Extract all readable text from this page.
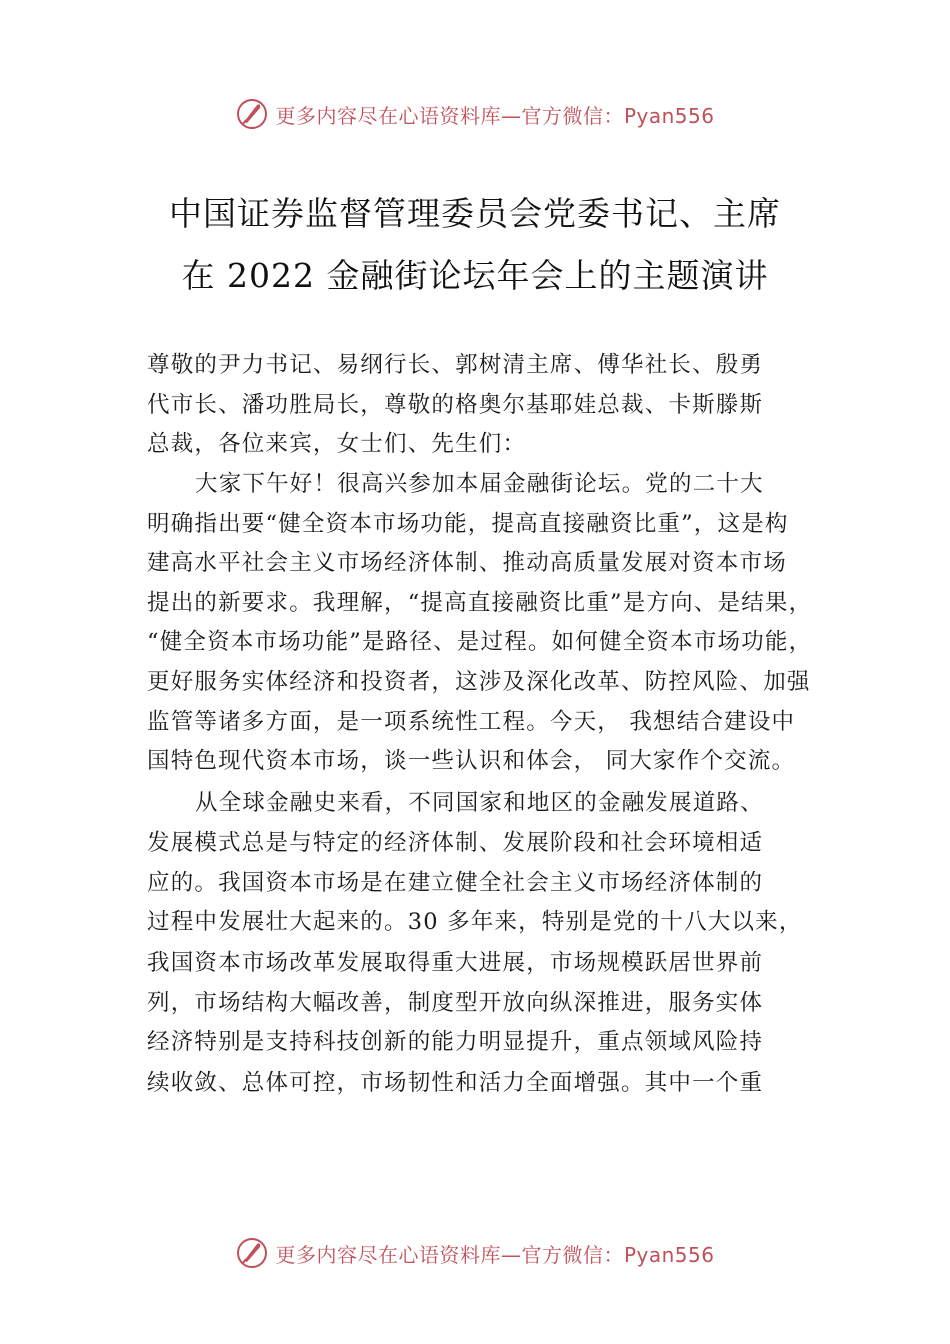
更多内容尽在心语资料库—官方微信：Pyan556
中国证券监督管理委员会党委书记、主席
在 2022 金融街论坛年会上的主题演讲
尊敬的尹力书记、易纲行长、郭树清主席、傅华社长、殷勇
代市长、潘功胜局长，尊敬的格奥尔基耶娃总裁、卡斯滕斯
总裁，各位来宾，女士们、先生们：
大家下午好！很高兴参加本届金融街论坛。党的二十大
明确指出要“健全资本市场功能，提高直接融资比重”，这是构
建高水平社会主义市场经济体制、推动高质量发展对资本市场
提出的新要求。我理解，“提高直接融资比重”是方向、是结果，
“健全资本市场功能”是路径、是过程。如何健全资本市场功能，
更好服务实体经济和投资者，这涉及深化改革、防控风险、加强
监管等诸多方面，是一项系统性工程。今天， 我想结合建设中
国特色现代资本市场，谈一些认识和体会， 同大家作个交流。
从全球金融史来看，不同国家和地区的金融发展道路、
发展模式总是与特定的经济体制、发展阶段和社会环境相适
应的。我国资本市场是在建立健全社会主义市场经济体制的
过程中发展壮大起来的。30 多年来，特别是党的十八大以来，
我国资本市场改革发展取得重大进展，市场规模跃居世界前
列，市场结构大幅改善，制度型开放向纵深推进，服务实体
经济特别是支持科技创新的能力明显提升，重点领域风险持
续收敛、总体可控，市场韧性和活力全面增强。其中一个重
更多内容尽在心语资料库—官方微信：Pyan556
